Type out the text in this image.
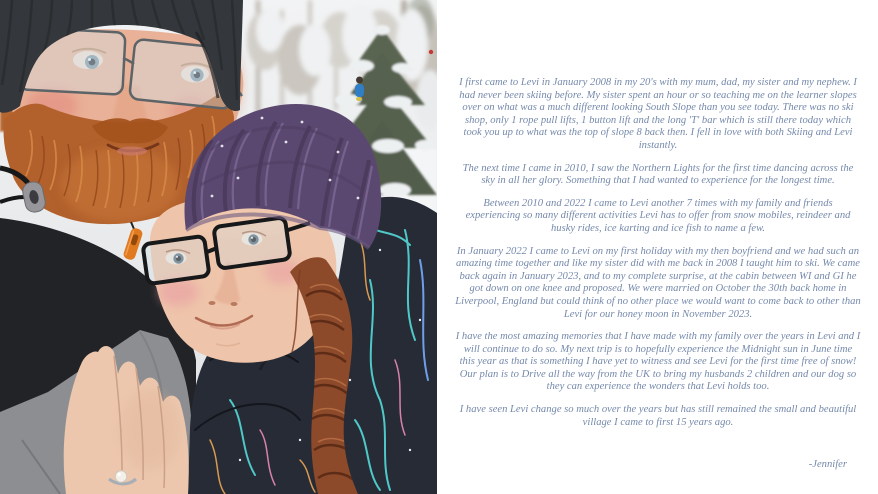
I first came to Levi in January 2008 in my 20's with my mum, dad, my sister and my nephew. I had never been skiing before. My sister spent an hour or so teaching me on the learner slopes over on what was a much different looking South Slope than you see today. There was no ski shop, only 1 rope pull lifts, 1 button lift and the long 'T' bar which is still there today which took you up to what was the top of slope 8 back then. I fell in love with both Skiing and Levi instantly.

The next time I came in 2010, I saw the Northern Lights for the first time dancing across the sky in all her glory. Something that I had wanted to experience for the longest time.

Between 2010 and 2022 I came to Levi another 7 times with my family and friends experiencing so many different activities Levi has to offer from snow mobiles, reindeer and husky rides, ice karting and ice fish to name a few.

In January 2022 I came to Levi on my first holiday with my then boyfriend and we had such an amazing time together and like my sister did with me back in 2008 I taught him to ski. We came back again in January 2023, and to my complete surprise, at the cabin between WI and GI he got down on one knee and proposed. We were married on October the 30th back home in Liverpool, England but could think of no other place we would want to come back to other than Levi for our honey moon in November 2023.

I have the most amazing memories that I have made with my family over the years in Levi and I will continue to do so. My next trip is to hopefully experience the Midnight sun in June time this year as that is something I have yet to witness and see Levi for the first time free of snow! Our plan is to Drive all the way from the UK to bring my husbands 2 children and our dog so they can experience the wonders that Levi holds too.

I have seen Levi change so much over the years but has still remained the small and beautiful village I came to first 15 years ago.

-Jennifer
